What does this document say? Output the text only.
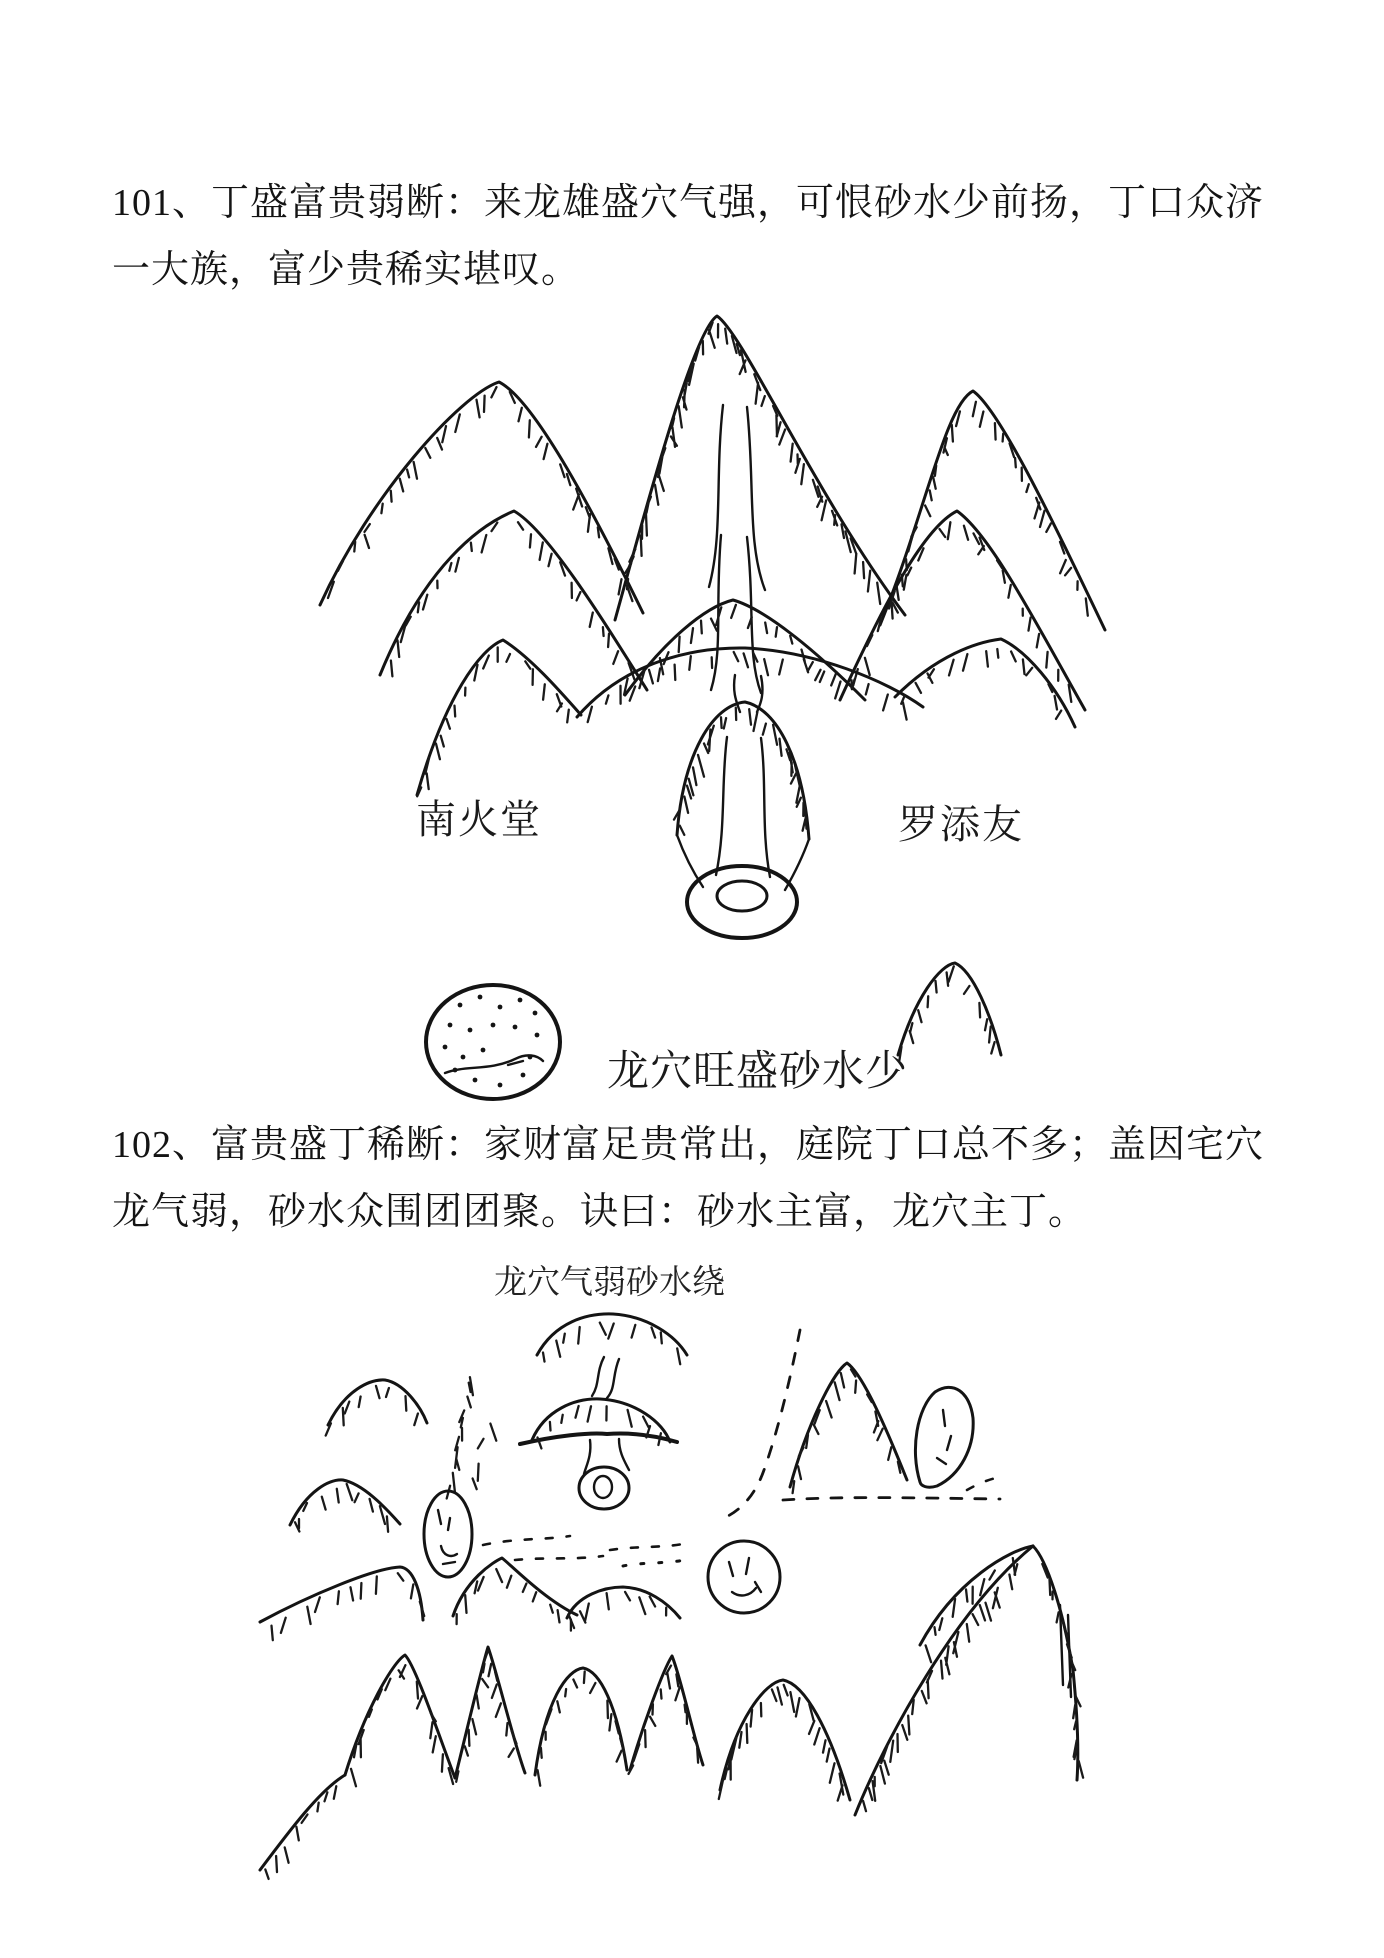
101、丁盛富贵弱断：来龙雄盛穴气强，可恨砂水少前扬，丁口众济
一大族，富少贵稀实堪叹。
南火堂	罗添友
龙穴旺盛砂水少
102、富贵盛丁稀断：家财富足贵常出，庭院丁口总不多；盖因宅穴
龙气弱，砂水众围团团聚。诀曰：砂水主富，龙穴主丁。
龙穴气弱砂水绕
